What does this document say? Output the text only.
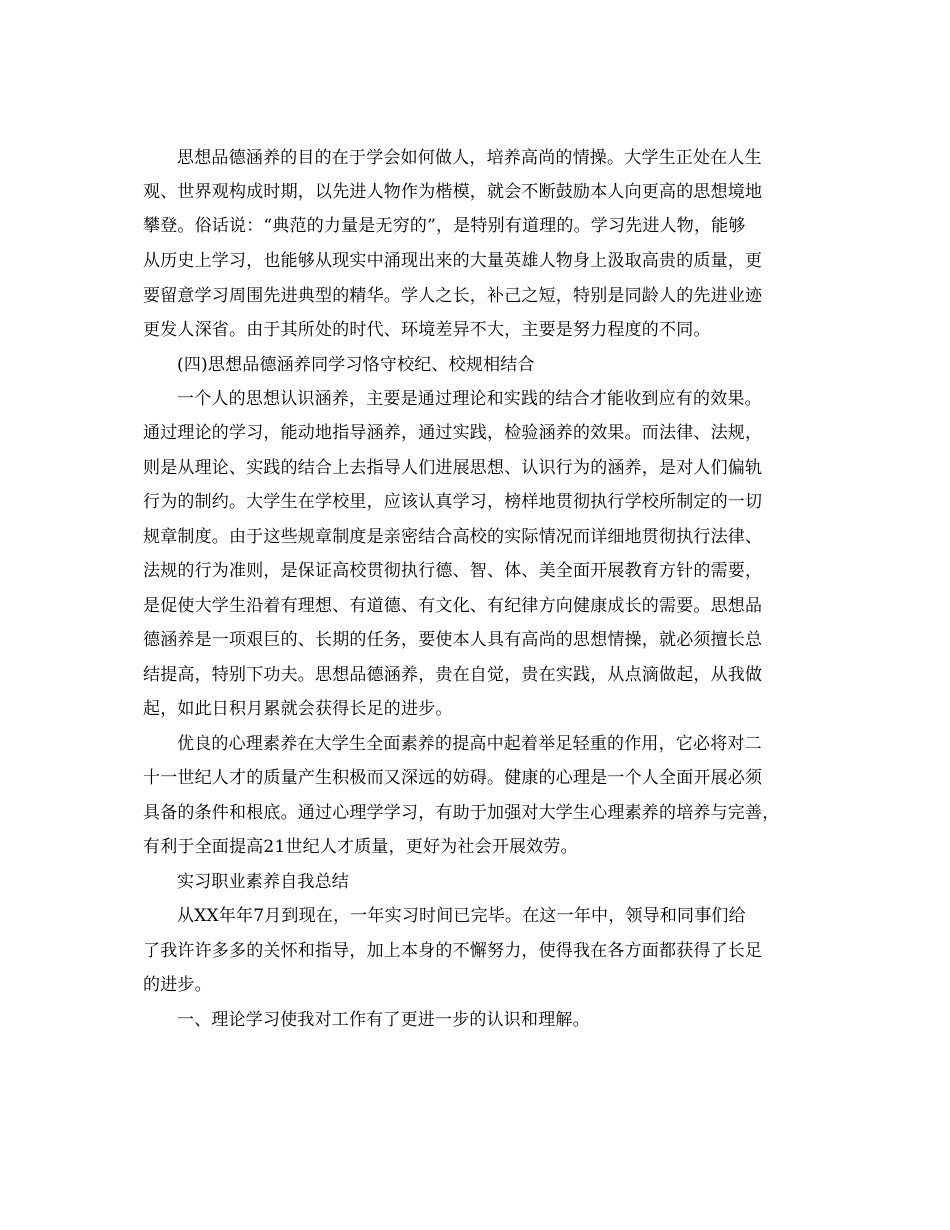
思想品德涵养的目的在于学会如何做人，培养高尚的情操。大学生正处在人生
观、世界观构成时期，以先进人物作为楷模，就会不断鼓励本人向更高的思想境地
攀登。俗话说：“典范的力量是无穷的”，是特别有道理的。学习先进人物，能够
从历史上学习，也能够从现实中涌现出来的大量英雄人物身上汲取高贵的质量，更
要留意学习周围先进典型的精华。学人之长，补己之短，特别是同龄人的先进业迹
更发人深省。由于其所处的时代、环境差异不大，主要是努力程度的不同。
(四)思想品德涵养同学习恪守校纪、校规相结合
一个人的思想认识涵养，主要是通过理论和实践的结合才能收到应有的效果。
通过理论的学习，能动地指导涵养，通过实践，检验涵养的效果。而法律、法规，
则是从理论、实践的结合上去指导人们进展思想、认识行为的涵养，是对人们偏轨
行为的制约。大学生在学校里，应该认真学习，榜样地贯彻执行学校所制定的一切
规章制度。由于这些规章制度是亲密结合高校的实际情况而详细地贯彻执行法律、
法规的行为准则，是保证高校贯彻执行德、智、体、美全面开展教育方针的需要，
是促使大学生沿着有理想、有道德、有文化、有纪律方向健康成长的需要。思想品
德涵养是一项艰巨的、长期的任务，要使本人具有高尚的思想情操，就必须擅长总
结提高，特别下功夫。思想品德涵养，贵在自觉，贵在实践，从点滴做起，从我做
起，如此日积月累就会获得长足的进步。
优良的心理素养在大学生全面素养的提高中起着举足轻重的作用，它必将对二
十一世纪人才的质量产生积极而又深远的妨碍。健康的心理是一个人全面开展必须
具备的条件和根底。通过心理学学习，有助于加强对大学生心理素养的培养与完善，
有利于全面提高21世纪人才质量，更好为社会开展效劳。
实习职业素养自我总结
从XX年年7月到现在，一年实习时间已完毕。在这一年中，领导和同事们给
了我许许多多的关怀和指导，加上本身的不懈努力，使得我在各方面都获得了长足
的进步。
一、理论学习使我对工作有了更进一步的认识和理解。
